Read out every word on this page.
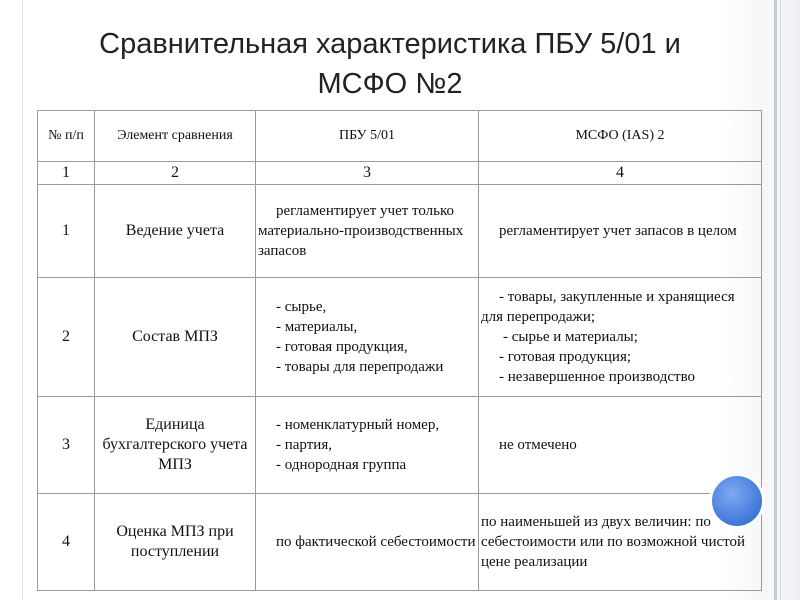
Сравнительная характеристика ПБУ 5/01 и
МСФО №2
№ п/п	Элемент сравнения	ПБУ 5/01	МСФО (IAS) 2
1	2	3	4
1	Ведение учета	регламентирует учет только материально-производственных запасов	регламентирует учет запасов в целом
2	Состав МПЗ	- сырье,
- материалы,
- готовая продукция,
- товары для перепродажи	- товары, закупленные и хранящиеся для перепродажи;
- сырье и материалы;
- готовая продукция;
- незавершенное производство

3	Единица бухгалтерского учета МПЗ	- номенклатурный номер,
- партия,
- однородная группа	не отмечено
4	Оценка МПЗ при поступлении	по фактической себестоимости	по наименьшей из двух величин: по себестоимости или по возможной чистой цене реализации
